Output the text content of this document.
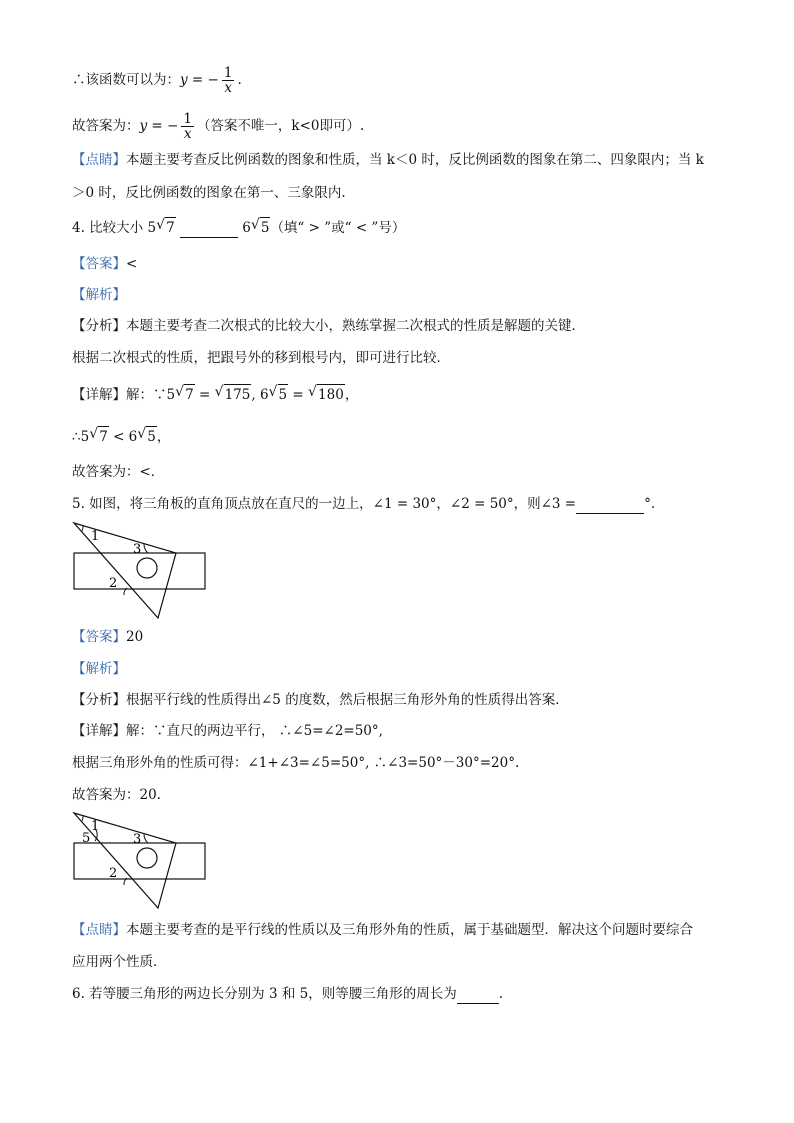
∴该函数可以为：y = − $\frac{1}{x}$ .
故答案为：y = − $\frac{1}{x}$ （答案不唯一，k<0即可）.
【点睛】本题主要考查反比例函数的图象和性质，当 k＜0 时，反比例函数的图象在第二、四象限内；当 k
＞0 时，反比例函数的图象在第一、三象限内.
4. 比较大小 5 √ 7	6 √ 5（填“ > ”或“ < ”号）
【答案】<
【解析】
【分析】本题主要考查二次根式的比较大小，熟练掌握二次根式的性质是解题的关键．
根据二次根式的性质，把跟号外的移到根号内，即可进行比较．
【详解】解：∵5 √ 7 = √ 175, 6 √ 5 = √ 180，
∴5 √ 7 < 6 √ 5，
故答案为：<．
5. 如图，将三角板的直角顶点放在直尺的一边上，∠1 = 30°，∠2 = 50°，则∠3 =	°.
1
3
2
【答案】20
【解析】
【分析】根据平行线的性质得出∠5 的度数，然后根据三角形外角的性质得出答案．
【详解】解：∵直尺的两边平行， ∴∠5=∠2=50°,
根据三角形外角的性质可得：∠1+∠3=∠5=50°, ∴∠3=50°－30°=20°.
故答案为：20.
1
5	3
2
【点睛】本题主要考查的是平行线的性质以及三角形外角的性质，属于基础题型．解决这个问题时要综合
应用两个性质．
6. 若等腰三角形的两边长分别为 3 和 5，则等腰三角形的周长为	.
